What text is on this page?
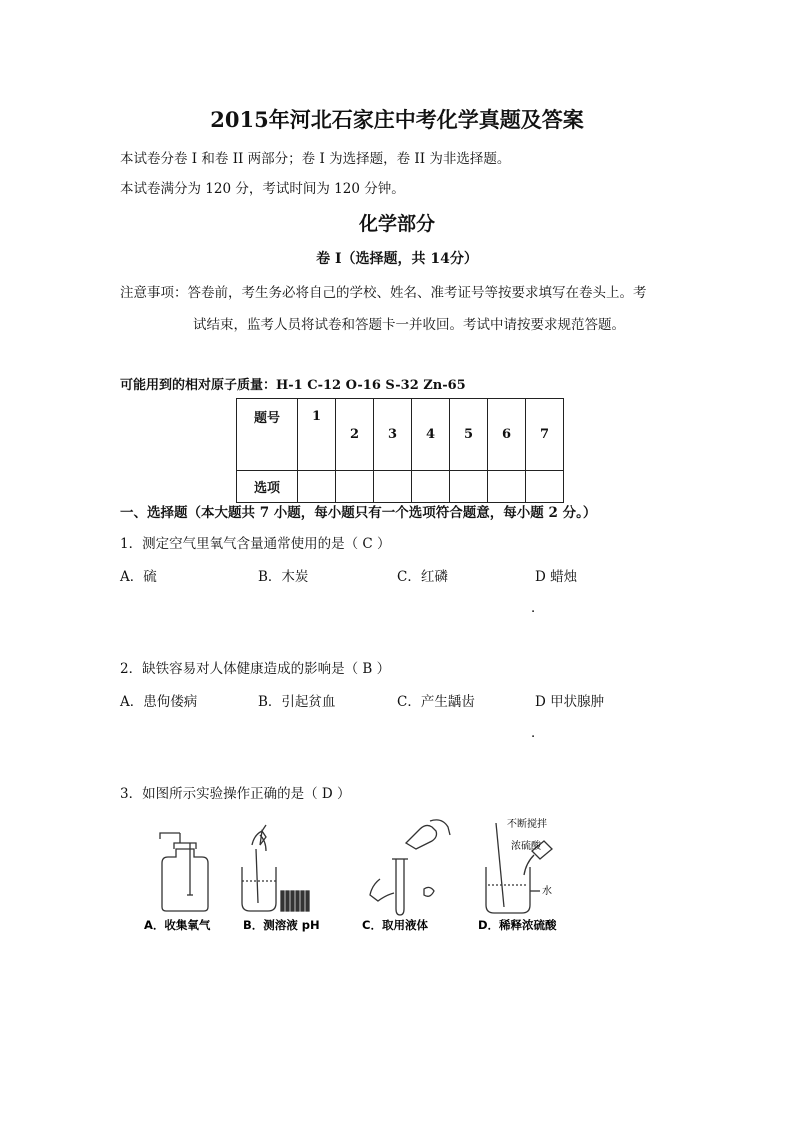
2015年河北石家庄中考化学真题及答案
本试卷分卷 I 和卷 II 两部分；卷 I 为选择题，卷 II 为非选择题。
本试卷满分为 120 分，考试时间为 120 分钟。
化学部分
卷 I（选择题，共 14分）
注意事项：答卷前，考生务必将自己的学校、姓名、准考证号等按要求填写在卷头上。考
试结束，监考人员将试卷和答题卡一并收回。考试中请按要求规范答题。
可能用到的相对原子质量：H-1 C-12 O-16 S-32 Zn-65
题号	1	2	3	4	5	6	7
选项							
一、选择题（本大题共 7 小题，每小题只有一个选项符合题意，每小题 2 分。）
1．测定空气里氧气含量通常使用的是（ C ）
A．硫	B．木炭	C．红磷	D 蜡烛
．
2．缺铁容易对人体健康造成的影响是（ B ）
A．患佝偻病	B．引起贫血	C．产生龋齿	D 甲状腺肿
．
3．如图所示实验操作正确的是（ D ）
不断搅拌
浓硫酸
水
A．收集氧气	B．测溶液 pH	C．取用液体	D．稀释浓硫酸
